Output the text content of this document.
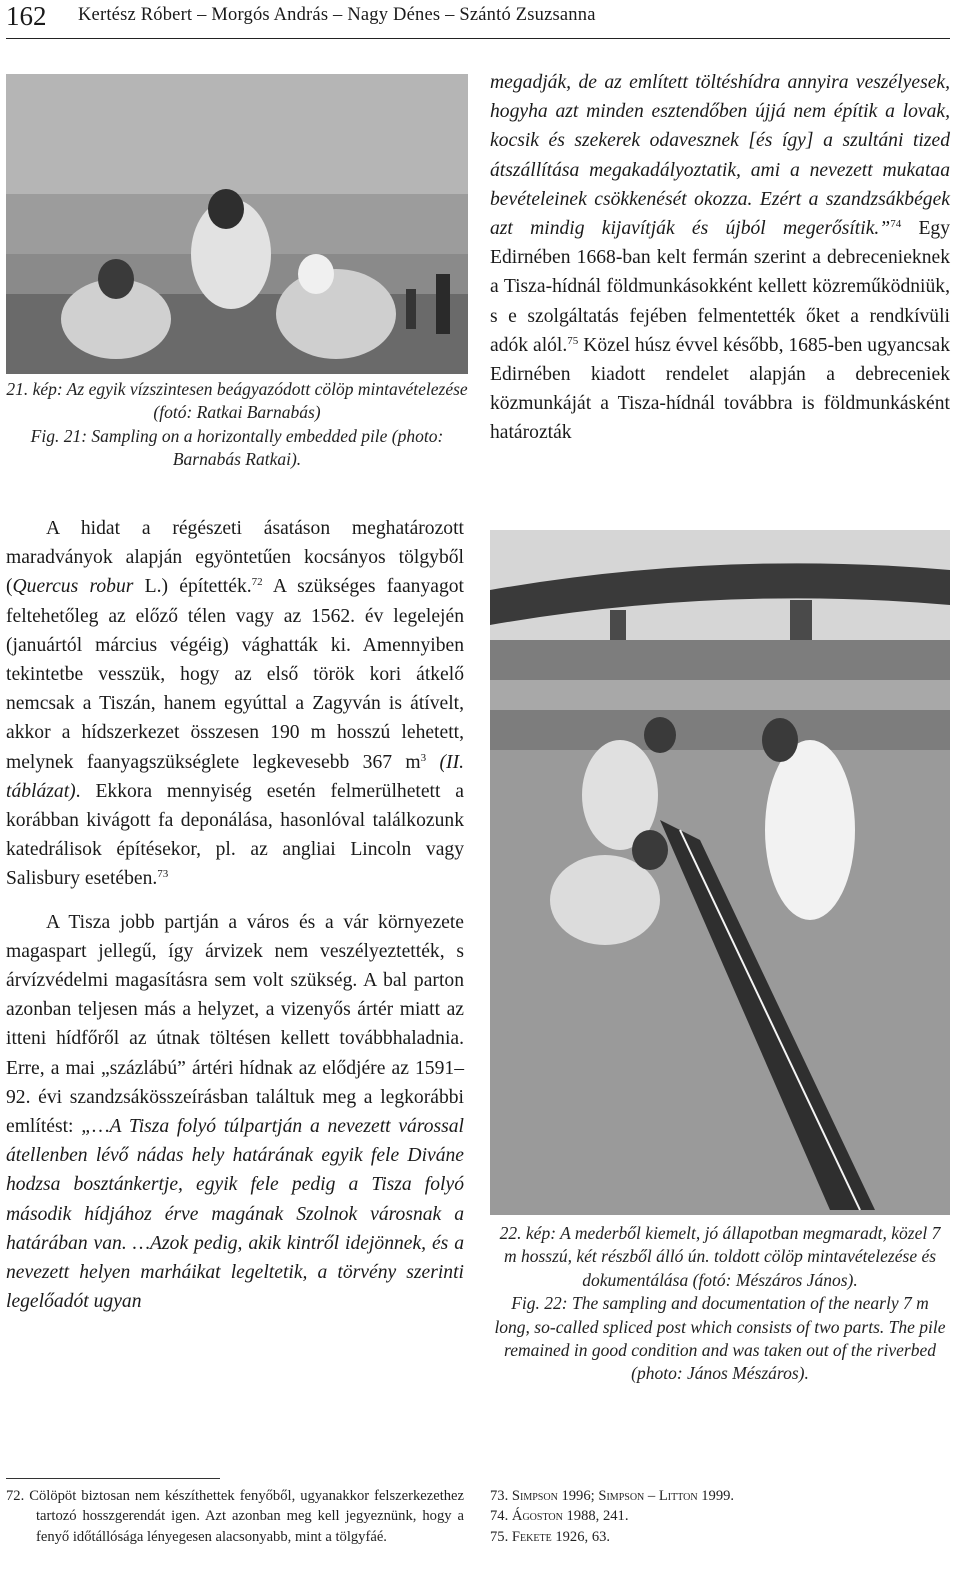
162 Kertész Róbert – Morgós András – Nagy Dénes – Szántó Zsuzsanna

21. kép: Az egyik vízszintesen beágyazódott cölöp mintavételezése (fotó: Ratkai Barnabás)

Fig. 21: Sampling on a horizontally embedded pile (photo: Barnabás Ratkai).

A hidat a régészeti ásatáson meghatározott maradványok alapján egyöntetűen kocsányos tölgyből (Quercus robur L.) építették.$^{72}$ A szükséges faanyagot feltehetőleg az előző télen vagy az 1562. év legelején (januártól március végéig) vághatták ki. Amennyiben tekintetbe vesszük, hogy az első török kori átkelő nemcsak a Tiszán, hanem egyúttal a Zagyván is átívelt, akkor a hídszerkezet összesen 190 m hosszú lehetett, melynek faanyagszükséglete legkevesebb 367 $m^3$ (II. táblázat). Ekkora mennyiség esetén felmerülhetett a korábban kivágott fa deponálása, hasonlóval találkozunk katedrálisok építésekor, pl. az angliai Lincoln vagy Salisbury esetében.$^{73}$

A Tisza jobb partján a város és a vár környezete magaspart jellegű, így árvizek nem veszélyeztették, s árvízvédelmi magasításra sem volt szükség. A bal parton azonban teljesen más a helyzet, a vizenyős ártér miatt az itteni hídfőről az útnak töltésen kellett továbbhaladnia. Erre, a mai „százlábú” ártéri hídnak az elődjére az 1591–92. évi szandzsákösszeírásban találtuk meg a legkorábbi említést: „…A Tisza folyó túlpartján a nevezett várossal átellenben lévő nádas hely határának egyik fele Divánе hodzsa bosztánkertje, egyik fele pedig a Tisza folyó második hídjához érve magának Szolnok városnak a határában van. …Azok pedig, akik kintről idejönnek, és a nevezett helyen marháikat legeltetik, a törvény szerinti legelőadót ugyan

megadják, de az említett töltéshídra annyira veszélyesek, hogyha azt minden esztendőben újjá nem építik a lovak, kocsik és szekerek odavesznek [és így] a szultáni tized átszállítása megakadályoztatik, ami a nevezett mukataa bevételeinek csökkenését okozza. Ezért a szandzsákbégek azt mindig kijavítják és újból megerősítik.”$^{74}$ Egy Edirnében 1668-ban kelt fermán szerint a debrecenieknek a Tisza-hídnál földmunkásokként kellett közreműködniük, s e szolgáltatás fejében felmentették őket a rendkívüli adók alól.$^{75}$ Közel húsz évvel később, 1685-ben ugyancsak Edirnében kiadott rendelet alapján a debreceniek közmunkáját a Tisza-hídnál továbbra is földmunkásként határozták

22. kép: A mederből kiemelt, jó állapotban megmaradt, közel 7 m hosszú, két részből álló ún. toldott cölöp mintavételezése és dokumentálása (fotó: Mészáros János).

Fig. 22: The sampling and documentation of the nearly 7 m long, so-called spliced post which consists of two parts. The pile remained in good condition and was taken out of the riverbed (photo: János Mészáros).

72. Cölöpöt biztosan nem készíthettek fenyőből, ugyanakkor felszerkezethez tartozó hosszgerendát igen. Azt azonban meg kell jegyeznünk, hogy a fenyő időtállósága lényegesen alacsonyabb, mint a tölgyfáé.

73. Simpson 1996; Simpson – Litton 1999.

74. Ágoston 1988, 241.

75. Fekete 1926, 63.
